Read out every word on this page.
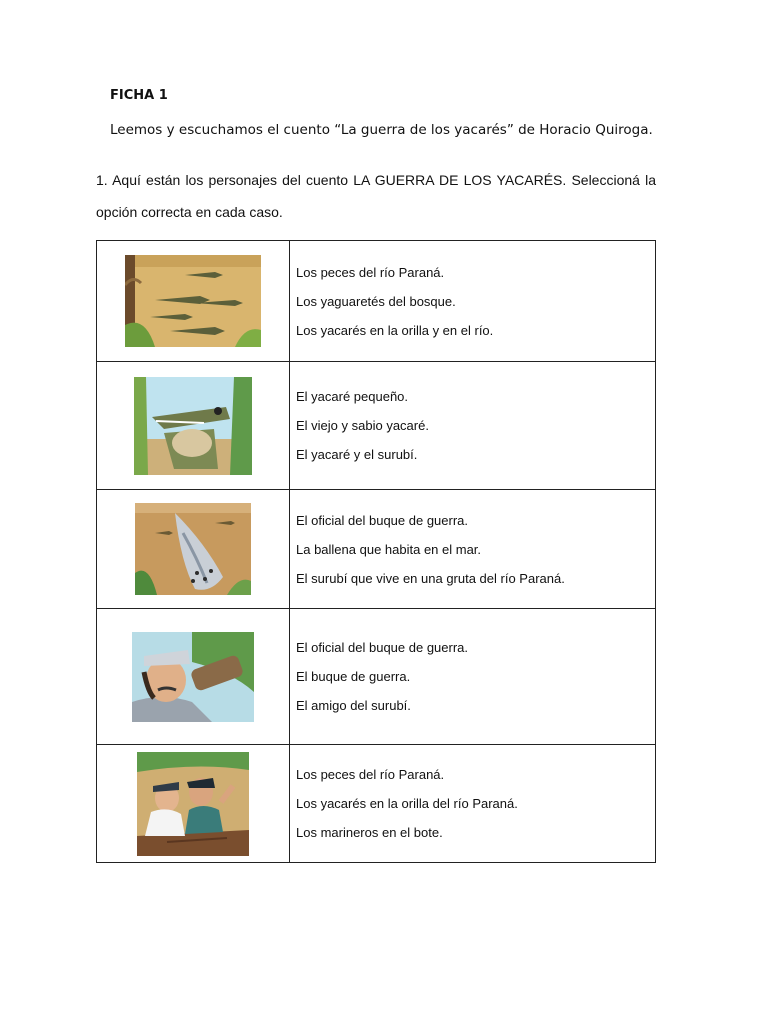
FICHA 1
Leemos y escuchamos el cuento “La guerra de los yacarés” de Horacio Quiroga.
1. Aquí están los personajes del cuento LA GUERRA DE LOS YACARÉS. Seleccioná la opción correcta en cada caso.

Los peces del río Paraná.
Los yaguaretés del bosque.
Los yacarés en la orilla y en el río.

El yacaré pequeño.
El viejo y sabio yacaré.
El yacaré y el surubí.

El oficial del buque de guerra.
La ballena que habita en el mar.
El surubí que vive en una gruta del río Paraná.

El oficial del buque de guerra.
El buque de guerra.
El amigo del surubí.

Los peces del río Paraná.
Los yacarés en la orilla del río Paraná.
Los marineros en el bote.
